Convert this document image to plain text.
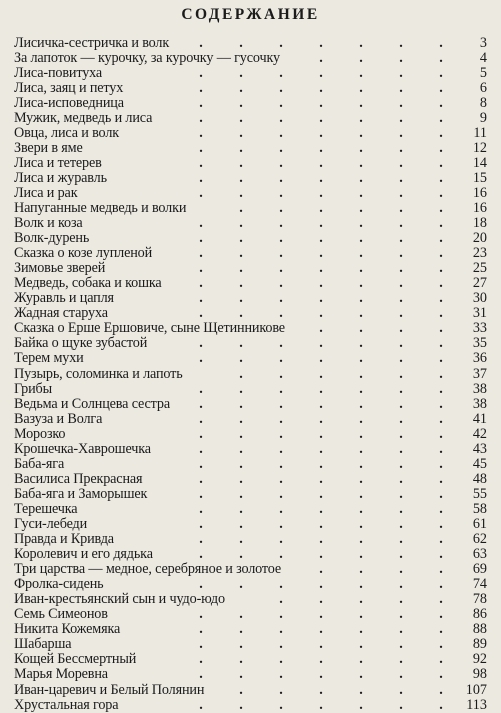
СОДЕРЖАНИЕ
.......
Лисичка-сестричка и волк	3
....
За лапоток — курочку, за курочку — гусочку	4
.......
Лиса-повитуха	5
.......
Лиса, заяц и петух	6
.......
Лиса-исповедница	8
.......
Мужик, медведь и лиса	9
.......
Овца, лиса и волк	11
.......
Звери в яме	12
.......
Лиса и тетерев	14
.......
Лиса и журавль	15
.......
Лиса и рак	16
......
Напуганные медведь и волки	16
.......
Волк и коза	18
.......
Волк-дурень	20
.......
Сказка о козе лупленой	23
.......
Зимовье зверей	25
.......
Медведь, собака и кошка	27
.......
Журавль и цапля	30
.......
Жадная старуха	31
....
Сказка о Ерше Ершовиче, сыне Щетинникове	33
.......
Байка о щуке зубастой	35
.......
Терем мухи	36
......
Пузырь, соломинка и лапоть	37
.......
Грибы	38
.......
Ведьма и Солнцева сестра	38
.......
Вазуза и Волга	41
.......
Морозко	42
.......
Крошечка-Хаврошечка	43
.......
Баба-яга	45
.......
Василиса Прекрасная	48
.......
Баба-яга и Заморышек	55
.......
Терешечка	58
.......
Гуси-лебеди	61
.......
Правда и Кривда	62
.......
Королевич и его дядька	63
....
Три царства — медное, серебряное и золотое	69
.......
Фролка-сидень	74
.....
Иван-крестьянский сын и чудо-юдо	78
.......
Семь Симеонов	86
.......
Никита Кожемяка	88
.......
Шабарша	89
.......
Кощей Бессмертный	92
.......
Марья Моревна	98
......
Иван-царевич и Белый Полянин	107
.......
Хрустальная гора	113
